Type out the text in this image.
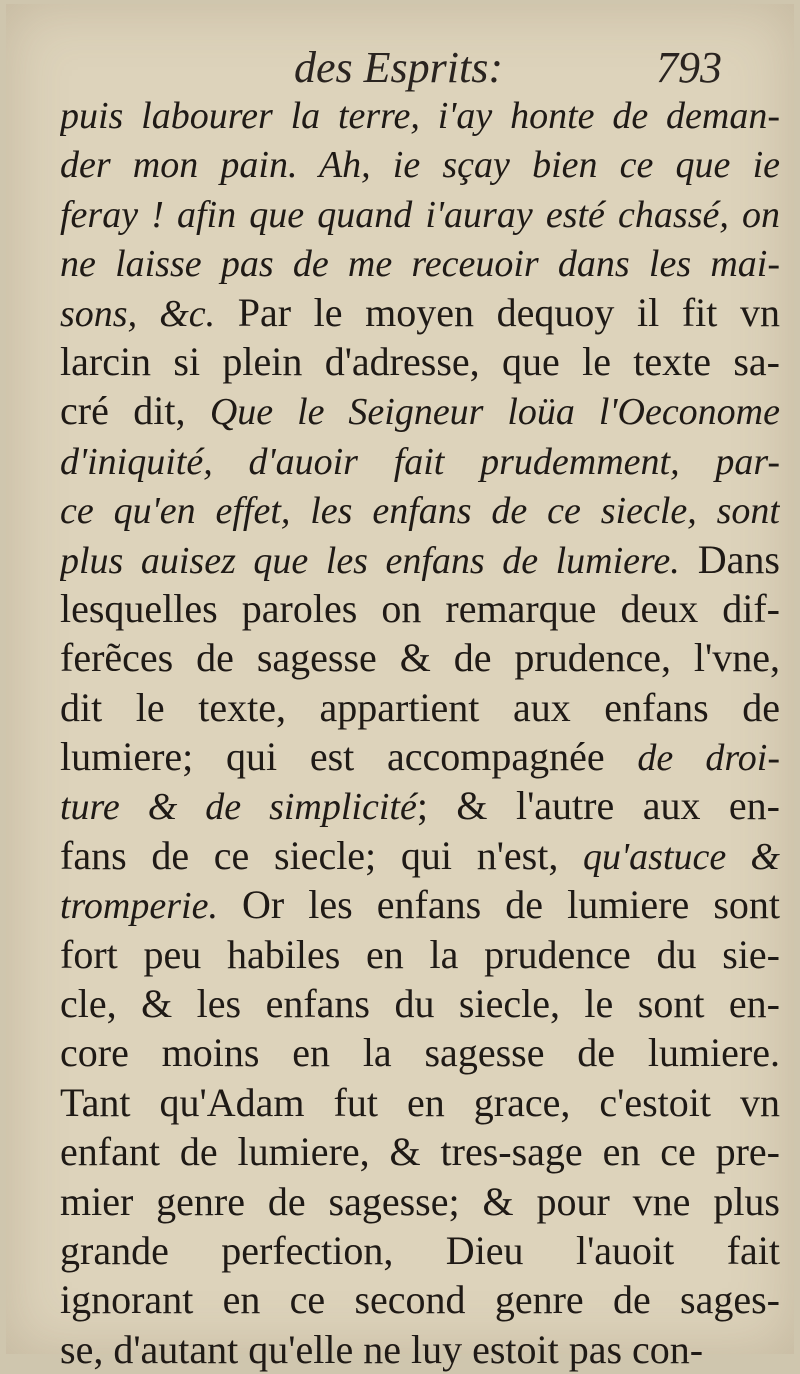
des Esprits:	793
puis labourer la terre, i'ay honte de deman-
der mon pain. Ah, ie sçay bien ce que ie
feray ! afin que quand i'auray esté chassé, on
ne laisse pas de me receuoir dans les mai-
sons, &c. Par le moyen dequoy il fit vn
larcin si plein d'adresse, que le texte sa-
cré dit, Que le Seigneur loüa l'Oeconome
d'iniquité, d'auoir fait prudemment, par-
ce qu'en effet, les enfans de ce siecle, sont
plus auisez que les enfans de lumiere. Dans
lesquelles paroles on remarque deux dif-
ferẽces de sagesse & de prudence, l'vne,
dit le texte, appartient aux enfans de
lumiere; qui est accompagnée de droi-
ture & de simplicité; & l'autre aux en-
fans de ce siecle; qui n'est, qu'astuce &
tromperie. Or les enfans de lumiere sont
fort peu habiles en la prudence du sie-
cle, & les enfans du siecle, le sont en-
core moins en la sagesse de lumiere.
Tant qu'Adam fut en grace, c'estoit vn
enfant de lumiere, & tres-sage en ce pre-
mier genre de sagesse; & pour vne plus
grande perfection, Dieu l'auoit fait
ignorant en ce second genre de sages-
se, d'autant qu'elle ne luy estoit pas con-
